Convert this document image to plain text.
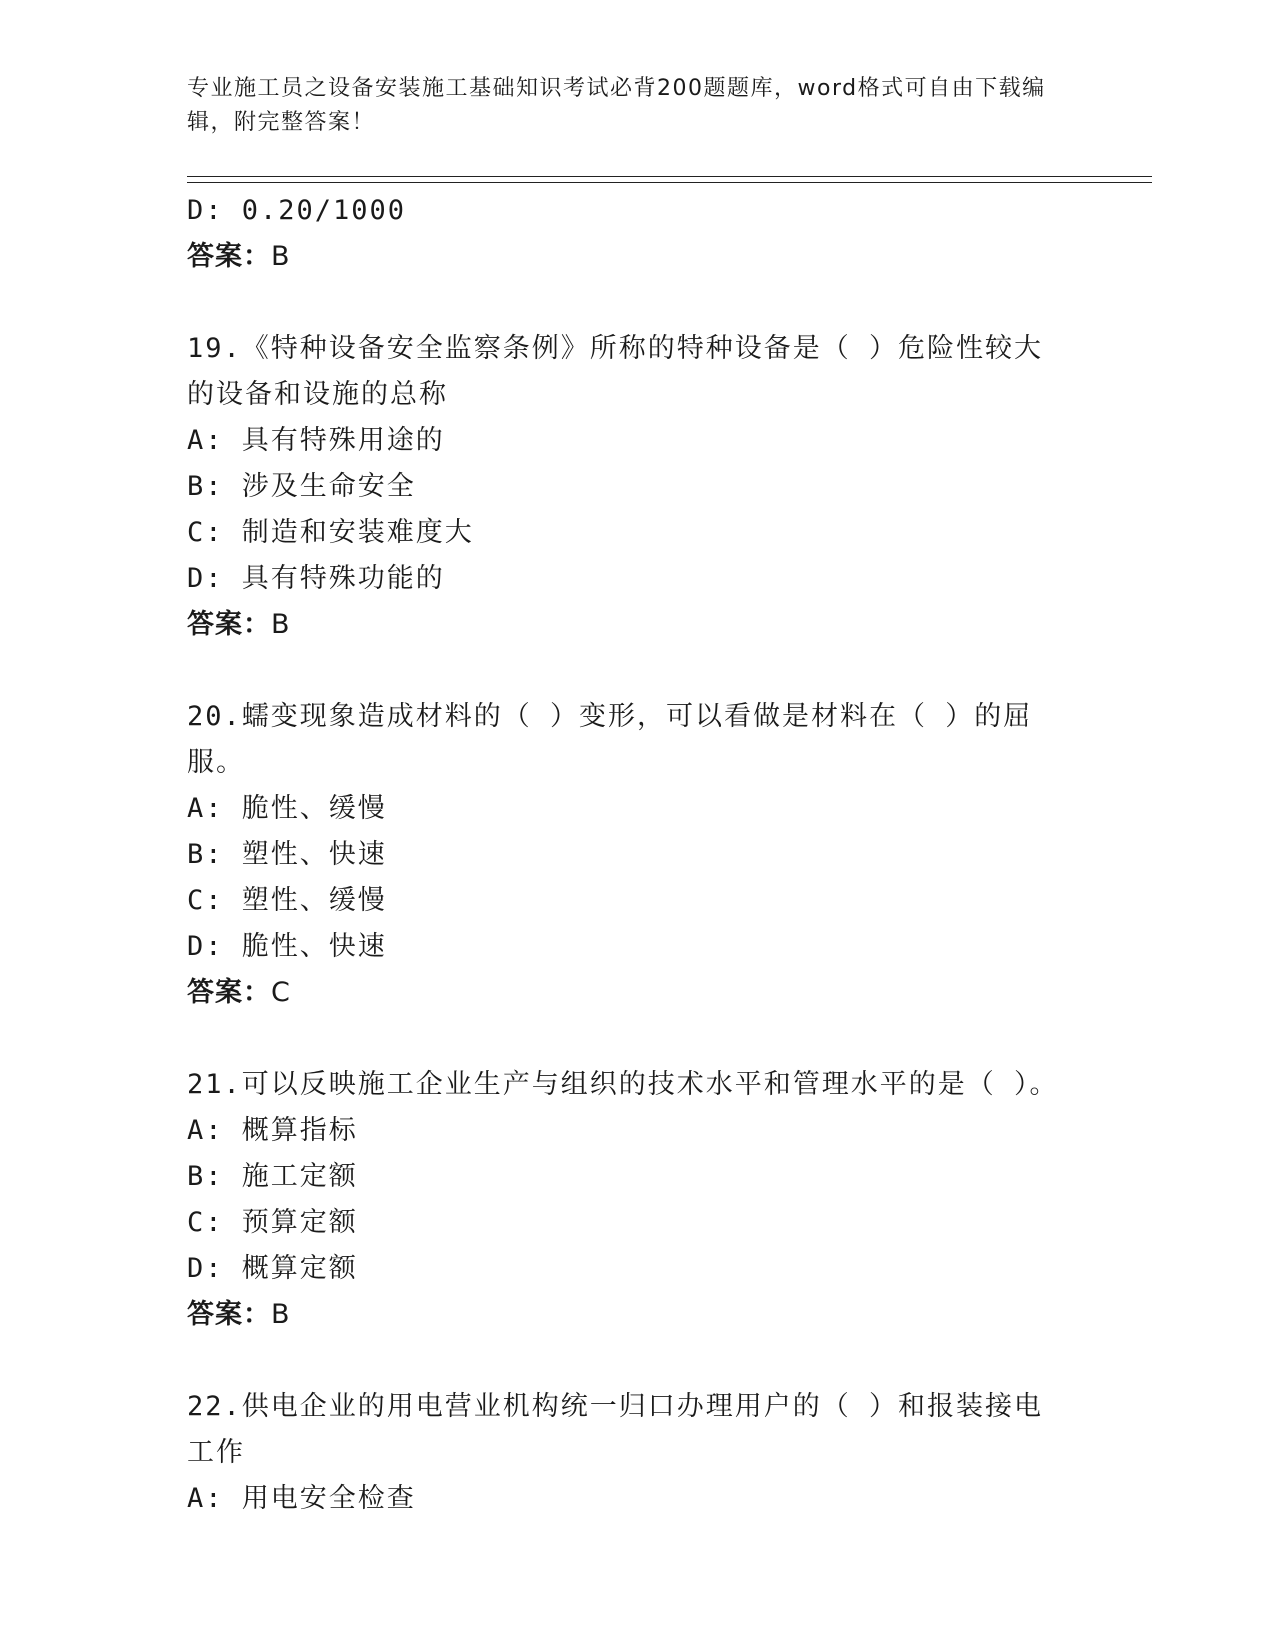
专业施工员之设备安装施工基础知识考试必背200题题库，word格式可自由下载编辑，附完整答案！
D: 0.20/1000
答案：B
19.《特种设备安全监察条例》所称的特种设备是（ ）危险性较大的设备和设施的总称
A: 具有特殊用途的
B: 涉及生命安全
C: 制造和安装难度大
D: 具有特殊功能的
答案：B
20.蠕变现象造成材料的（ ）变形，可以看做是材料在（ ）的屈服。
A: 脆性、缓慢
B: 塑性、快速
C: 塑性、缓慢
D: 脆性、快速
答案：C
21.可以反映施工企业生产与组织的技术水平和管理水平的是（ ）。
A: 概算指标
B: 施工定额
C: 预算定额
D: 概算定额
答案：B
22.供电企业的用电营业机构统一归口办理用户的（ ）和报装接电工作
A: 用电安全检查
